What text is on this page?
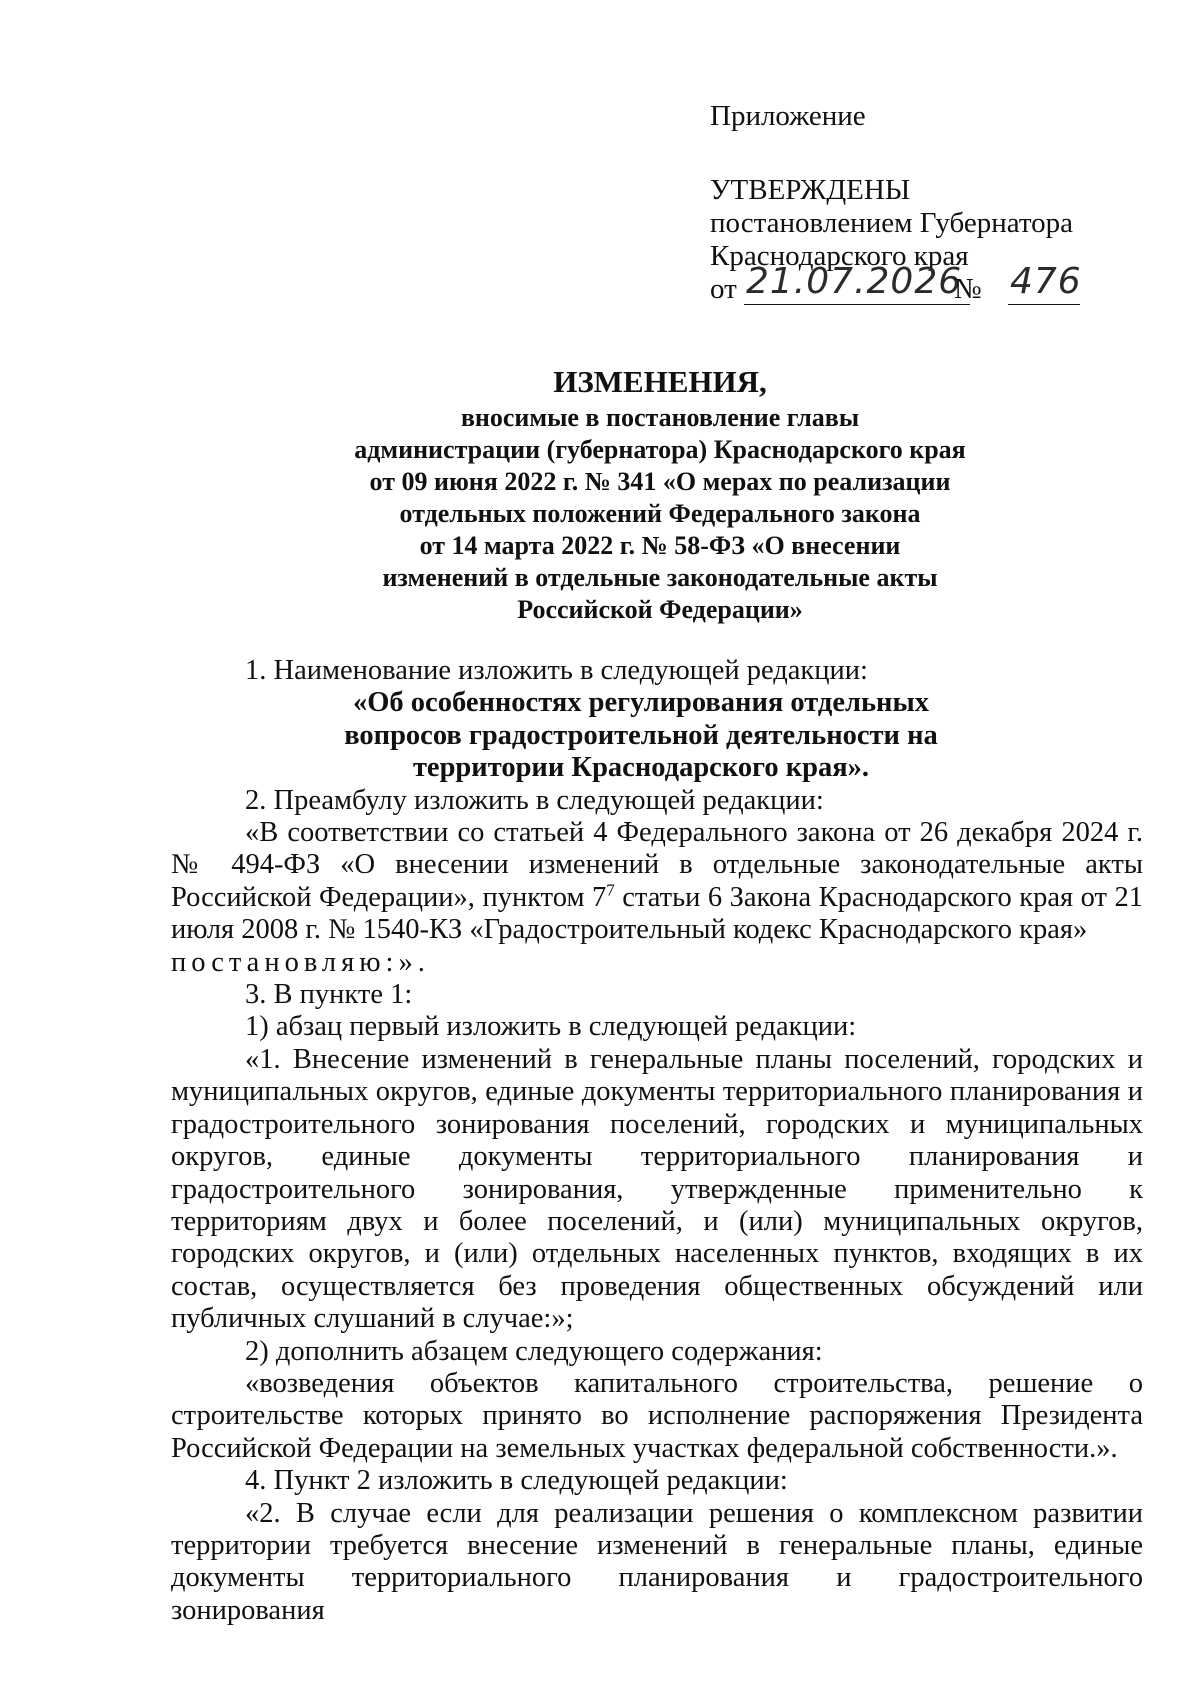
Приложение
УТВЕРЖДЕНЫ
постановлением Губернатора
Краснодарского края
от 21.07.2026
№ 476
ИЗМЕНЕНИЯ,
вносимые в постановление главы
администрации (губернатора) Краснодарского края
от 09 июня 2022 г. № 341 «О мерах по реализации
отдельных положений Федерального закона
от 14 марта 2022 г. № 58-ФЗ «О внесении
изменений в отдельные законодательные акты
Российской Федерации»

1. Наименование изложить в следующей редакции:

«Об особенностях регулирования отдельных
вопросов градостроительной деятельности на
территории Краснодарского края».

2. Преамбулу изложить в следующей редакции:

«В соответствии со статьей 4 Федерального закона от 26 декабря 2024 г. № 494-ФЗ «О внесении изменений в отдельные законодательные акты Российской Федерации», пунктом $7^7$ статьи 6 Закона Краснодарского края от 21 июля 2008 г. № 1540-КЗ «Градостроительный кодекс Краснодарского края»

постановляю:».

3. В пункте 1:

1) абзац первый изложить в следующей редакции:

«1. Внесение изменений в генеральные планы поселений, городских и муниципальных округов, единые документы территориального планирования и градостроительного зонирования поселений, городских и муниципальных округов, единые документы территориального планирования и градостроительного зонирования, утвержденные применительно к территориям двух и более поселений, и (или) муниципальных округов, городских округов, и (или) отдельных населенных пунктов, входящих в их состав, осуществляется без проведения общественных обсуждений или публичных слушаний в случае:»;

2) дополнить абзацем следующего содержания:

«возведения объектов капитального строительства, решение о строительстве которых принято во исполнение распоряжения Президента Российской Федерации на земельных участках федеральной собственности.».

4. Пункт 2 изложить в следующей редакции:

«2. В случае если для реализации решения о комплексном развитии территории требуется внесение изменений в генеральные планы, единые документы территориального планирования и градостроительного зонирования
